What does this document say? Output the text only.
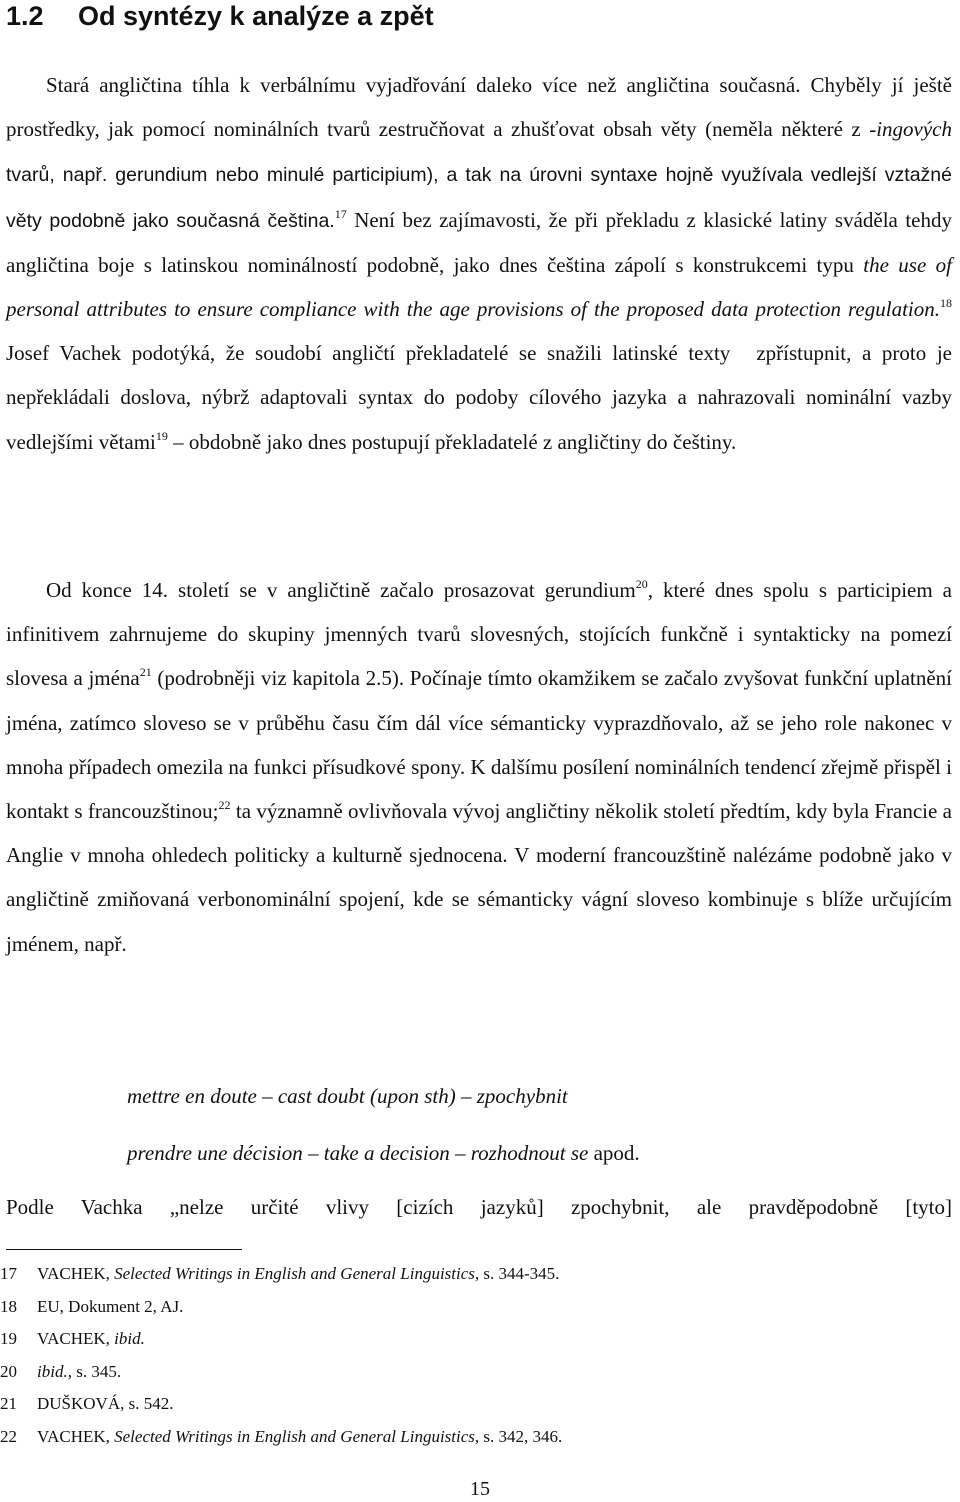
1.2 Od syntézy k analýze a zpět
Stará angličtina tíhla k verbálnímu vyjadřování daleko více než angličtina současná. Chyběly jí ještě prostředky, jak pomocí nominálních tvarů zestručňovat a zhušťovat obsah věty (neměla některé z -ingových tvarů, např. gerundium nebo minulé participium), a tak na úrovni syntaxe hojně využívala vedlejší vztažné věty podobně jako současná čeština.$^{17}$ Není bez zajímavosti, že při překladu z klasické latiny sváděla tehdy angličtina boje s latinskou nominálností podobně, jako dnes čeština zápolí s konstrukcemi typu the use of personal attributes to ensure compliance with the age provisions of the proposed data protection regulation.$^{18}$ Josef Vachek podotýká, že soudobí angličtí překladatelé se snažili latinské texty zpřístupnit, a proto je nepřekládali doslova, nýbrž adaptovali syntax do podoby cílového jazyka a nahrazovali nominální vazby vedlejšími větami$^{19}$ – obdobně jako dnes postupují překladatelé z angličtiny do češtiny.
Od konce 14. století se v angličtině začalo prosazovat gerundium$^{20}$, které dnes spolu s participiem a infinitivem zahrnujeme do skupiny jmenných tvarů slovesných, stojících funkčně i syntakticky na pomezí slovesa a jména$^{21}$ (podrobněji viz kapitola 2.5). Počínaje tímto okamžikem se začalo zvyšovat funkční uplatnění jména, zatímco sloveso se v průběhu času čím dál více sémanticky vyprazdňovalo, až se jeho role nakonec v mnoha případech omezila na funkci přísudkové spony. K dalšímu posílení nominálních tendencí zřejmě přispěl i kontakt s francouzštinou;$^{22}$ ta významně ovlivňovala vývoj angličtiny několik století předtím, kdy byla Francie a Anglie v mnoha ohledech politicky a kulturně sjednocena. V moderní francouzštině nalézáme podobně jako v angličtině zmiňovaná verbonominální spojení, kde se sémanticky vágní sloveso kombinuje s blíže určujícím jménem, např.
mettre en doute – cast doubt (upon sth) – zpochybnit
prendre une décision – take a decision – rozhodnout se apod.
Podle Vachka „nelze určité vlivy [cizích jazyků] zpochybnit, ale pravděpodobně [tyto]
17 VACHEK, Selected Writings in English and General Linguistics, s. 344-345.
18 EU, Dokument 2, AJ.
19 VACHEK, ibid.
20 ibid., s. 345.
21 DUŠKOVÁ, s. 542.
22 VACHEK, Selected Writings in English and General Linguistics, s. 342, 346.
15
